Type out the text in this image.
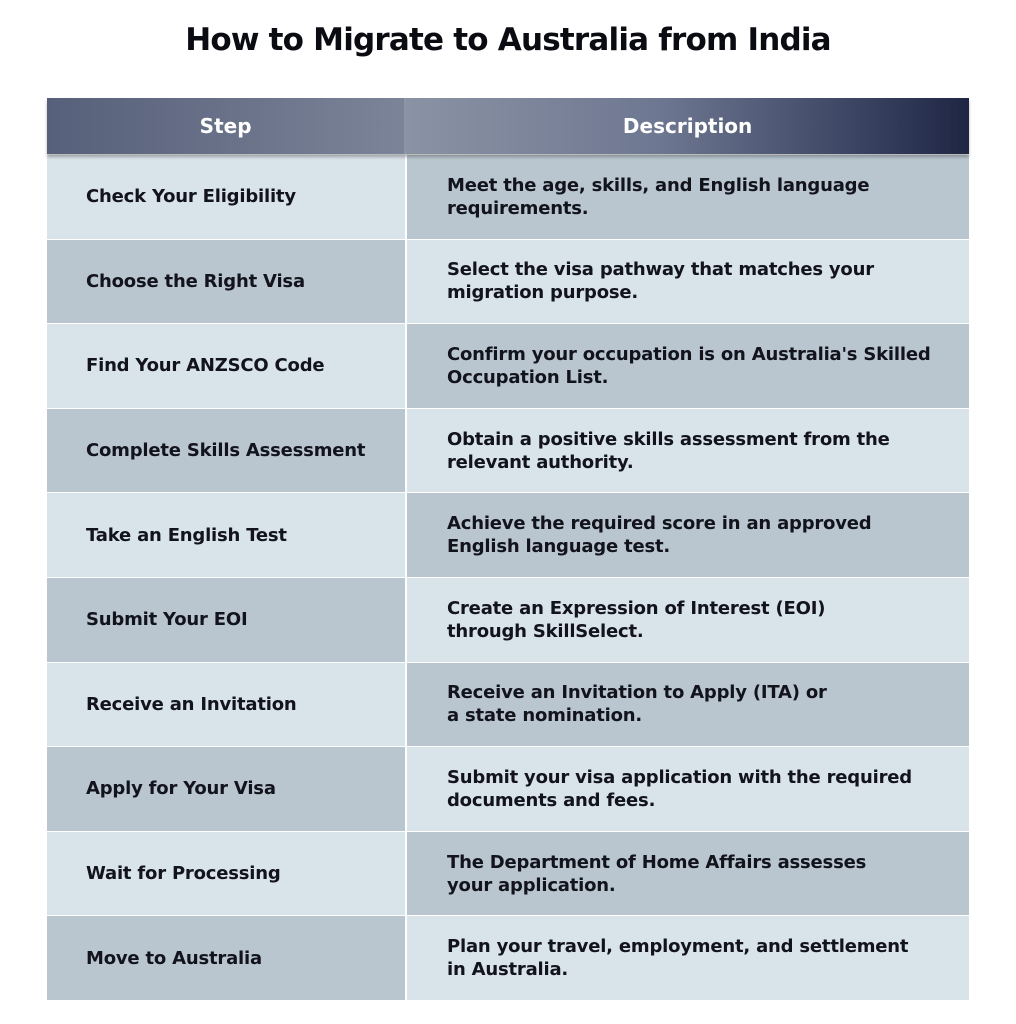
How to Migrate to Australia from India
Step	Description
Check Your Eligibility
Meet the age, skills, and English language
requirements.
Choose the Right Visa
Select the visa pathway that matches your
migration purpose.
Find Your ANZSCO Code
Confirm your occupation is on Australia's Skilled
Occupation List.
Complete Skills Assessment
Obtain a positive skills assessment from the
relevant authority.
Take an English Test
Achieve the required score in an approved
English language test.
Submit Your EOI
Create an Expression of Interest (EOI)
through SkillSelect.
Receive an Invitation
Receive an Invitation to Apply (ITA) or
a state nomination.
Apply for Your Visa
Submit your visa application with the required
documents and fees.
Wait for Processing
The Department of Home Affairs assesses
your application.
Move to Australia
Plan your travel, employment, and settlement
in Australia.
